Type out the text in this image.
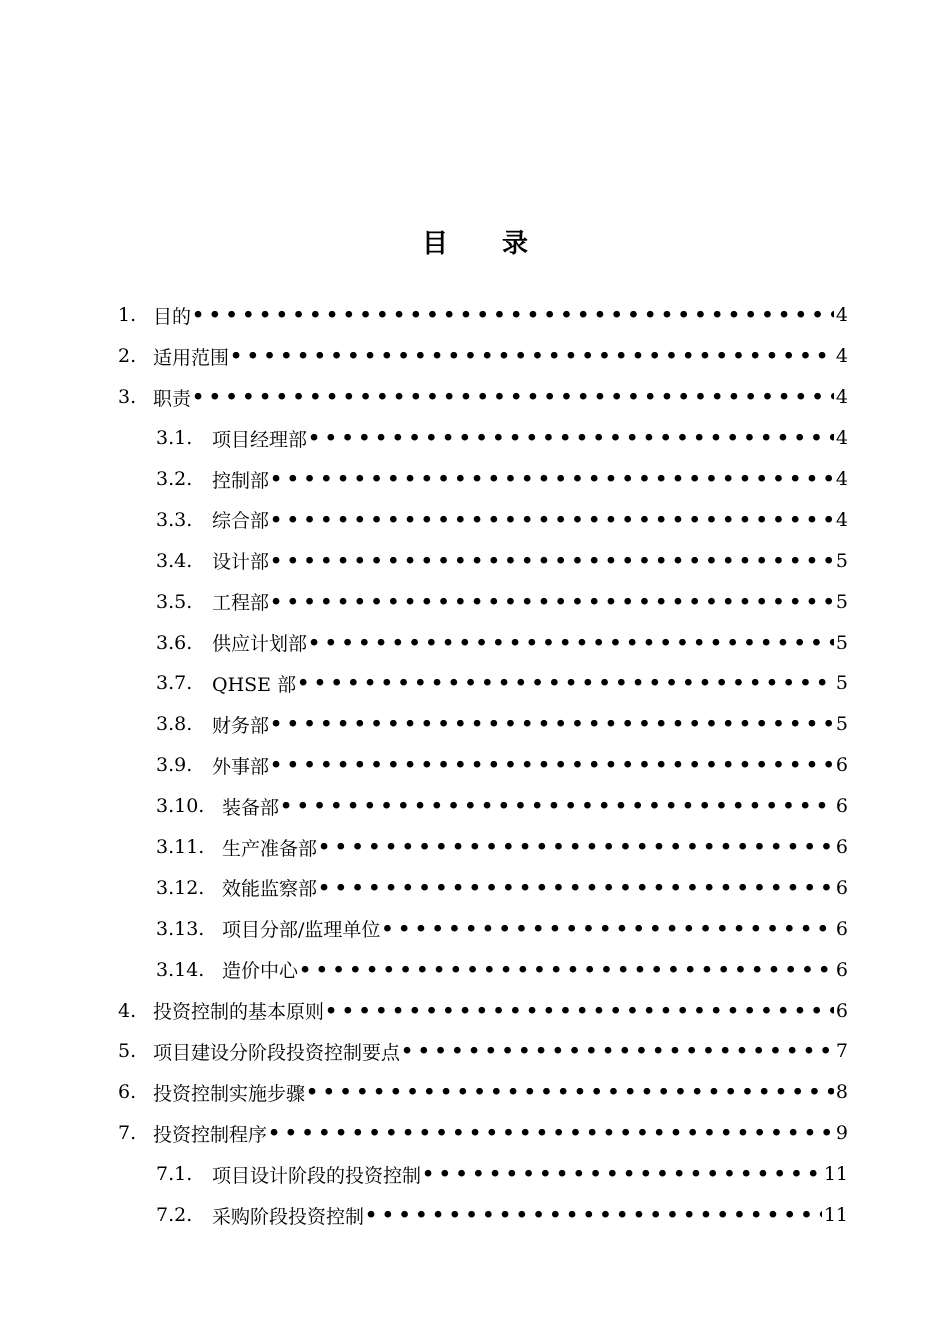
目 录
1. 目的 •••••	4
2. 适用范围 •••••	4
3. 职责 •••••	4
3.1.	项目经理部 •••••	4
3.2.	控制部 •••••	4
3.3.	综合部 •••••	4
3.4.	设计部 •••••	5
3.5.	工程部 •••••	5
3.6.	供应计划部 •••••	5
3.7.	QHSE 部 •••••	5
3.8.	财务部 •••••	5
3.9.	外事部 •••••	6
3.10. 装备部 •••••	6
3.11. 生产准备部 •••••	6
3.12. 效能监察部 •••••	6
3.13. 项目分部/监理单位 •••••	6
3.14. 造价中心 •••••	6
4. 投资控制的基本原则 •••••	6
5. 项目建设分阶段投资控制要点 •••••	7
6. 投资控制实施步骤 •••••	8
7. 投资控制程序 •••••	9
7.1.	项目设计阶段的投资控制 •••••	11
7.2.	采购阶段投资控制 •••••	11
